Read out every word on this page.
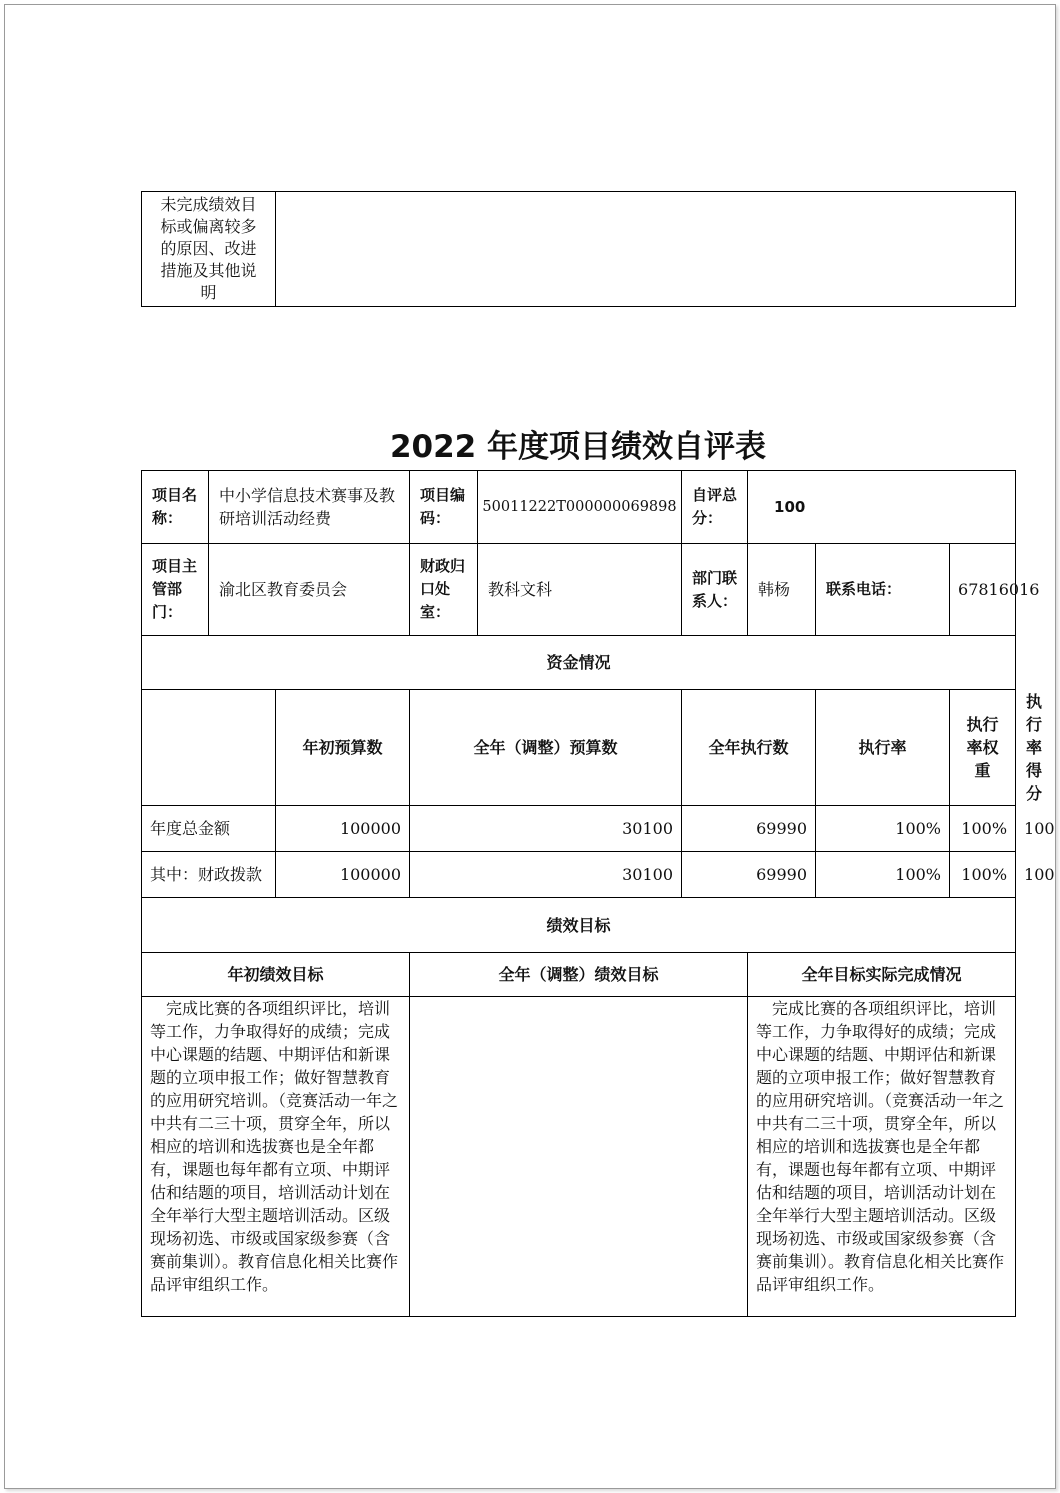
未完成绩效目标或偏离较多的原因、改进措施及其他说明	
2022 年度项目绩效自评表
项目名称：	中小学信息技术赛事及教研培训活动经费		项目编码：	50011222T000000069898	自评总分：	100			
项目主管部门：	渝北区教育委员会		财政归口处室：	教科文科	部门联系人：	韩杨	联系电话：	67816016	
资金情况									
		年初预算数	全年（调整）预算数		全年执行数		执行率	执行率权重	执行率得分
年度总金额		100000	30100		69990		100%	100%	100
其中：财政拨款		100000	30100		69990		100%	100%	100
绩效目标									
年初绩效目标			全年（调整）绩效目标			全年目标实际完成情况			
完成比赛的各项组织评比，培训等工作，力争取得好的成绩；完成中心课题的结题、中期评估和新课题的立项申报工作；做好智慧教育的应用研究培训。（竞赛活动一年之中共有二三十项，贯穿全年，所以相应的培训和选拔赛也是全年都有，课题也每年都有立项、中期评估和结题的项目，培训活动计划在全年举行大型主题培训活动。区级现场初选、市级或国家级参赛（含赛前集训）。教育信息化相关比赛作品评审组织工作。						完成比赛的各项组织评比，培训等工作，力争取得好的成绩；完成中心课题的结题、中期评估和新课题的立项申报工作；做好智慧教育的应用研究培训。（竞赛活动一年之中共有二三十项，贯穿全年，所以相应的培训和选拔赛也是全年都有，课题也每年都有立项、中期评估和结题的项目，培训活动计划在全年举行大型主题培训活动。区级现场初选、市级或国家级参赛（含赛前集训）。教育信息化相关比赛作品评审组织工作。			
